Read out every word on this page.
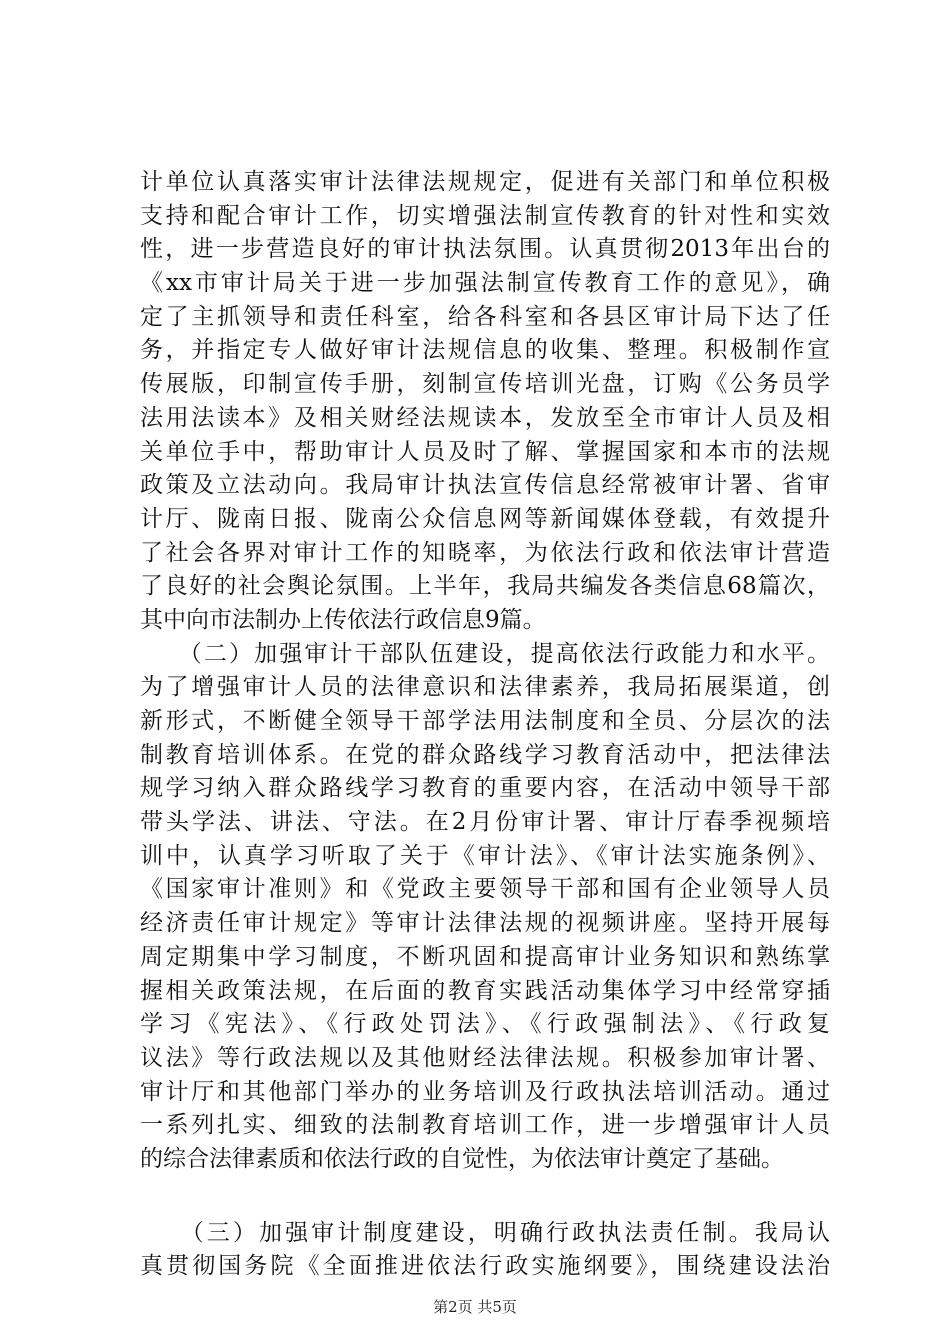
计单位认真落实审计法律法规规定，促进有关部门和单位积极
支持和配合审计工作，切实增强法制宣传教育的针对性和实效
性，进一步营造良好的审计执法氛围。认真贯彻2013年出台的
《xx市审计局关于进一步加强法制宣传教育工作的意见》，确
定了主抓领导和责任科室，给各科室和各县区审计局下达了任
务，并指定专人做好审计法规信息的收集、整理。积极制作宣
传展版，印制宣传手册，刻制宣传培训光盘，订购《公务员学
法用法读本》及相关财经法规读本，发放至全市审计人员及相
关单位手中，帮助审计人员及时了解、掌握国家和本市的法规
政策及立法动向。我局审计执法宣传信息经常被审计署、省审
计厅、陇南日报、陇南公众信息网等新闻媒体登载，有效提升
了社会各界对审计工作的知晓率，为依法行政和依法审计营造
了良好的社会舆论氛围。上半年，我局共编发各类信息68篇次，
其中向市法制办上传依法行政信息9篇。
　　（二）加强审计干部队伍建设，提高依法行政能力和水平。
为了增强审计人员的法律意识和法律素养，我局拓展渠道，创
新形式，不断健全领导干部学法用法制度和全员、分层次的法
制教育培训体系。在党的群众路线学习教育活动中，把法律法
规学习纳入群众路线学习教育的重要内容，在活动中领导干部
带头学法、讲法、守法。在2月份审计署、审计厅春季视频培
训中，认真学习听取了关于《审计法》、《审计法实施条例》、
《国家审计准则》和《党政主要领导干部和国有企业领导人员
经济责任审计规定》等审计法律法规的视频讲座。坚持开展每
周定期集中学习制度，不断巩固和提高审计业务知识和熟练掌
握相关政策法规，在后面的教育实践活动集体学习中经常穿插
学习《宪法》、《行政处罚法》、《行政强制法》、《行政复
议法》等行政法规以及其他财经法律法规。积极参加审计署、
审计厅和其他部门举办的业务培训及行政执法培训活动。通过
一系列扎实、细致的法制教育培训工作，进一步增强审计人员
的综合法律素质和依法行政的自觉性，为依法审计奠定了基础。
　　（三）加强审计制度建设，明确行政执法责任制。我局认
真贯彻国务院《全面推进依法行政实施纲要》，围绕建设法治
第2页 共5页
